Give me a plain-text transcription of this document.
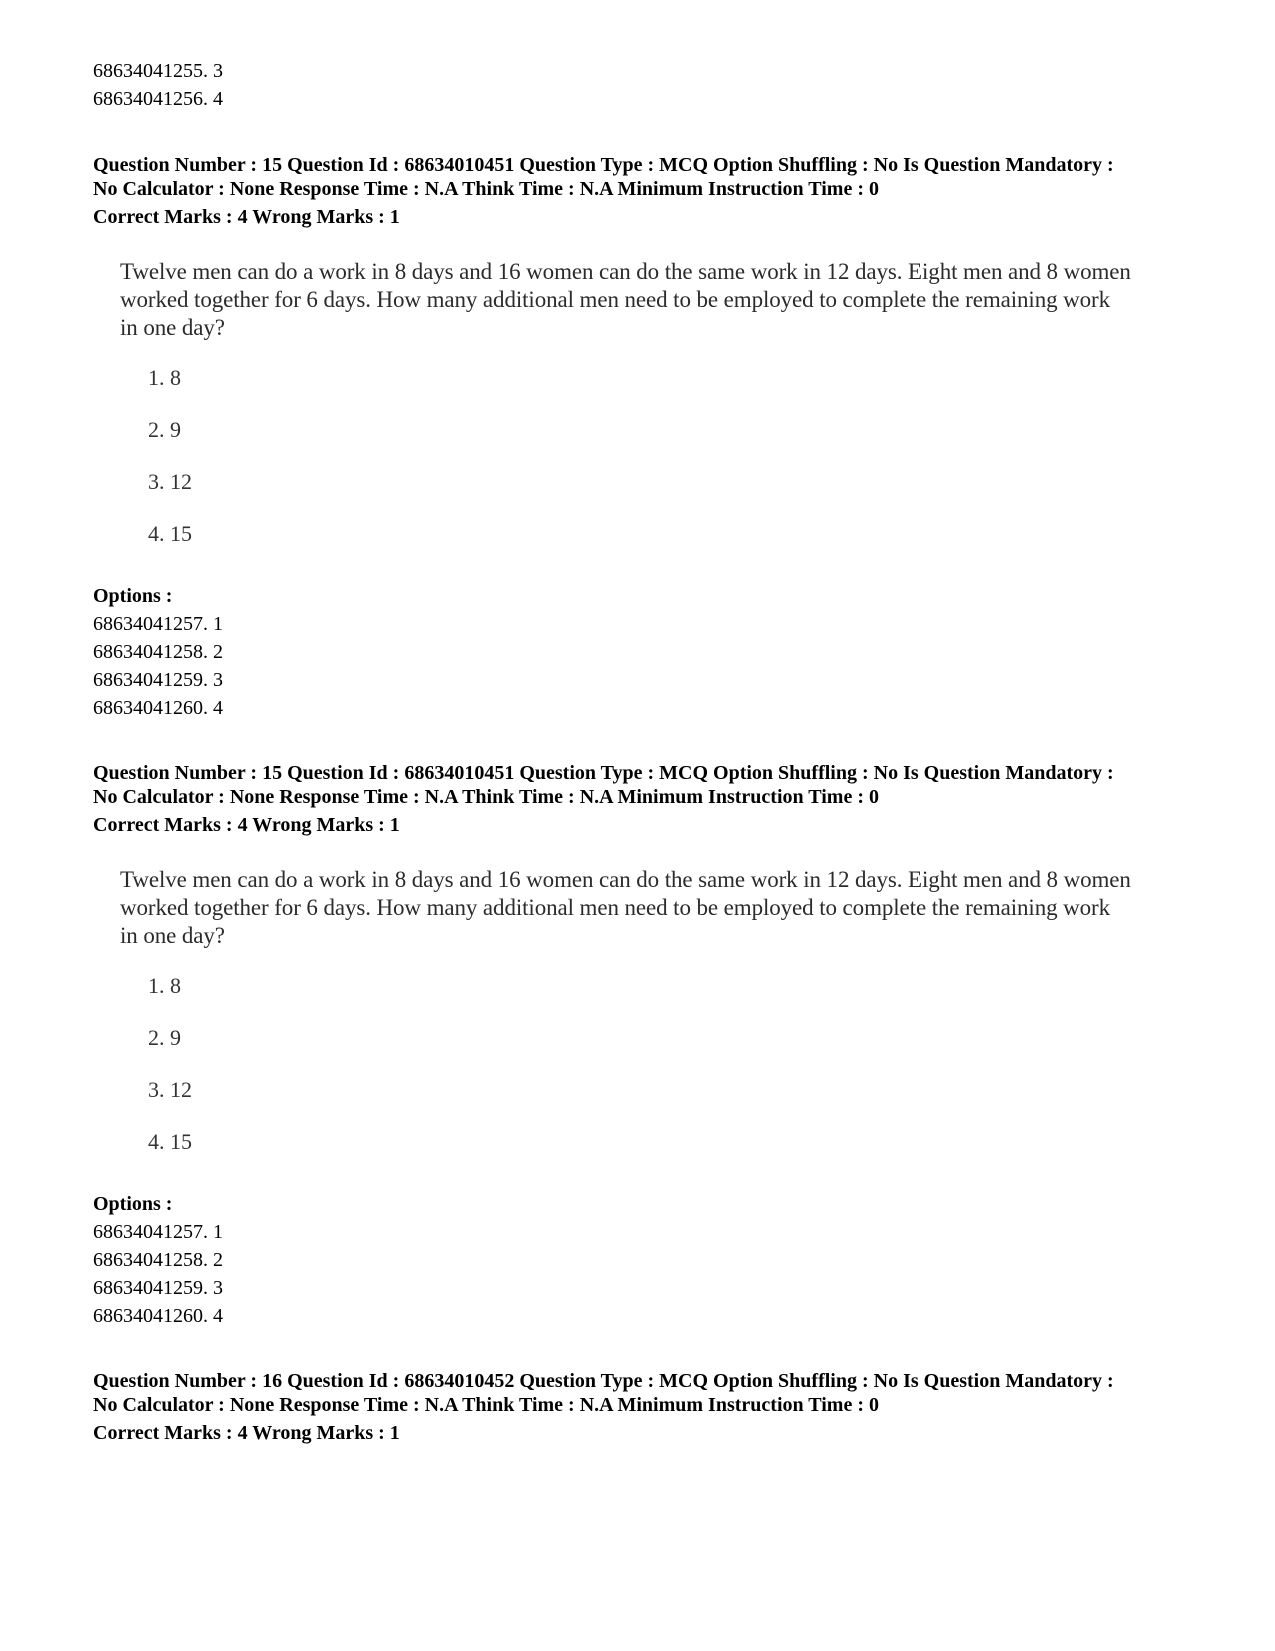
68634041255. 3
68634041256. 4
Question Number : 15 Question Id : 68634010451 Question Type : MCQ Option Shuffling : No Is Question Mandatory :
No Calculator : None Response Time : N.A Think Time : N.A Minimum Instruction Time : 0
Correct Marks : 4 Wrong Marks : 1

Twelve men can do a work in 8 days and 16 women can do the same work in 12 days. Eight men and 8 women
worked together for 6 days. How many additional men need to be employed to complete the remaining work
in one day?

1. 8
2. 9
3. 12
4. 15
Options :
68634041257. 1
68634041258. 2
68634041259. 3
68634041260. 4
Question Number : 15 Question Id : 68634010451 Question Type : MCQ Option Shuffling : No Is Question Mandatory :
No Calculator : None Response Time : N.A Think Time : N.A Minimum Instruction Time : 0
Correct Marks : 4 Wrong Marks : 1

Twelve men can do a work in 8 days and 16 women can do the same work in 12 days. Eight men and 8 women
worked together for 6 days. How many additional men need to be employed to complete the remaining work
in one day?

1. 8
2. 9
3. 12
4. 15
Options :
68634041257. 1
68634041258. 2
68634041259. 3
68634041260. 4
Question Number : 16 Question Id : 68634010452 Question Type : MCQ Option Shuffling : No Is Question Mandatory :
No Calculator : None Response Time : N.A Think Time : N.A Minimum Instruction Time : 0
Correct Marks : 4 Wrong Marks : 1
